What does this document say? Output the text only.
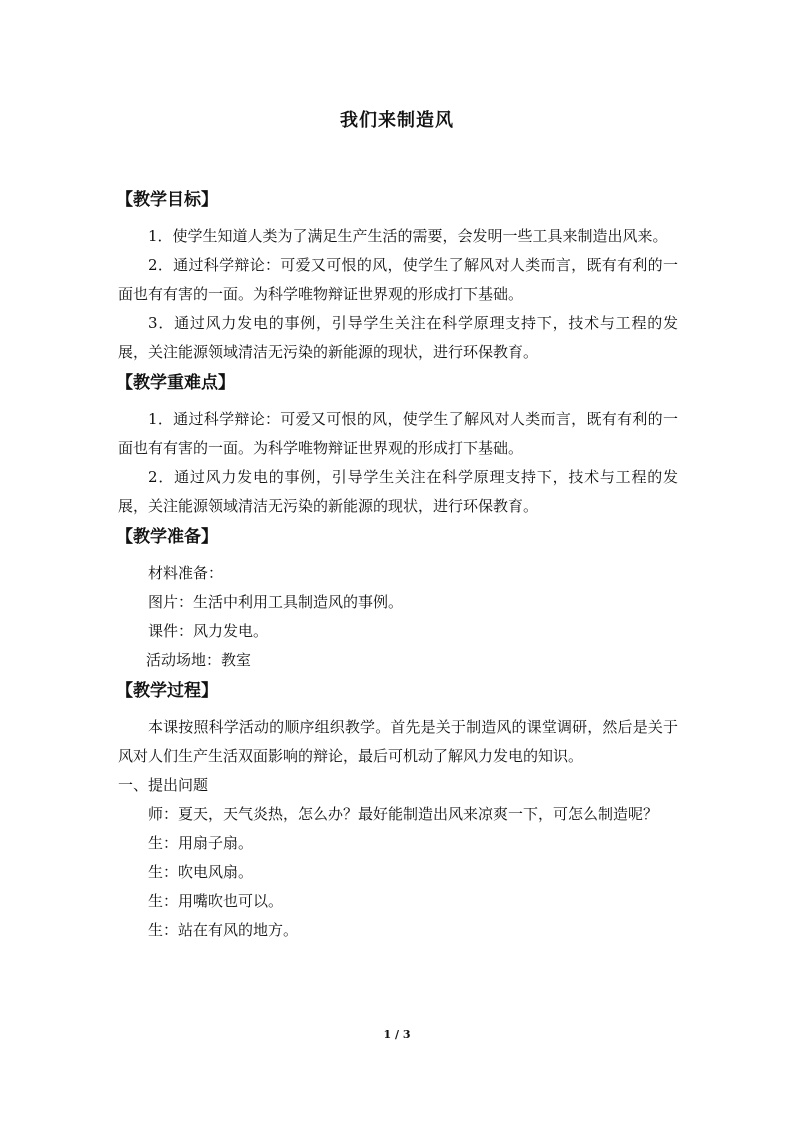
我们来制造风
【教学目标】
1．使学生知道人类为了满足生产生活的需要，会发明一些工具来制造出风来。
2．通过科学辩论：可爱又可恨的风，使学生了解风对人类而言，既有有利的一面也有有害的一面。为科学唯物辩证世界观的形成打下基础。
3．通过风力发电的事例，引导学生关注在科学原理支持下，技术与工程的发展，关注能源领域清洁无污染的新能源的现状，进行环保教育。
【教学重难点】
1．通过科学辩论：可爱又可恨的风，使学生了解风对人类而言，既有有利的一面也有有害的一面。为科学唯物辩证世界观的形成打下基础。
2．通过风力发电的事例，引导学生关注在科学原理支持下，技术与工程的发展，关注能源领域清洁无污染的新能源的现状，进行环保教育。
【教学准备】
材料准备：
图片：生活中利用工具制造风的事例。
课件：风力发电。
活动场地：教室
【教学过程】
本课按照科学活动的顺序组织教学。首先是关于制造风的课堂调研，然后是关于风对人们生产生活双面影响的辩论，最后可机动了解风力发电的知识。
一、提出问题
师：夏天，天气炎热，怎么办？最好能制造出风来凉爽一下，可怎么制造呢？
生：用扇子扇。
生：吹电风扇。
生：用嘴吹也可以。
生：站在有风的地方。
1 / 3
